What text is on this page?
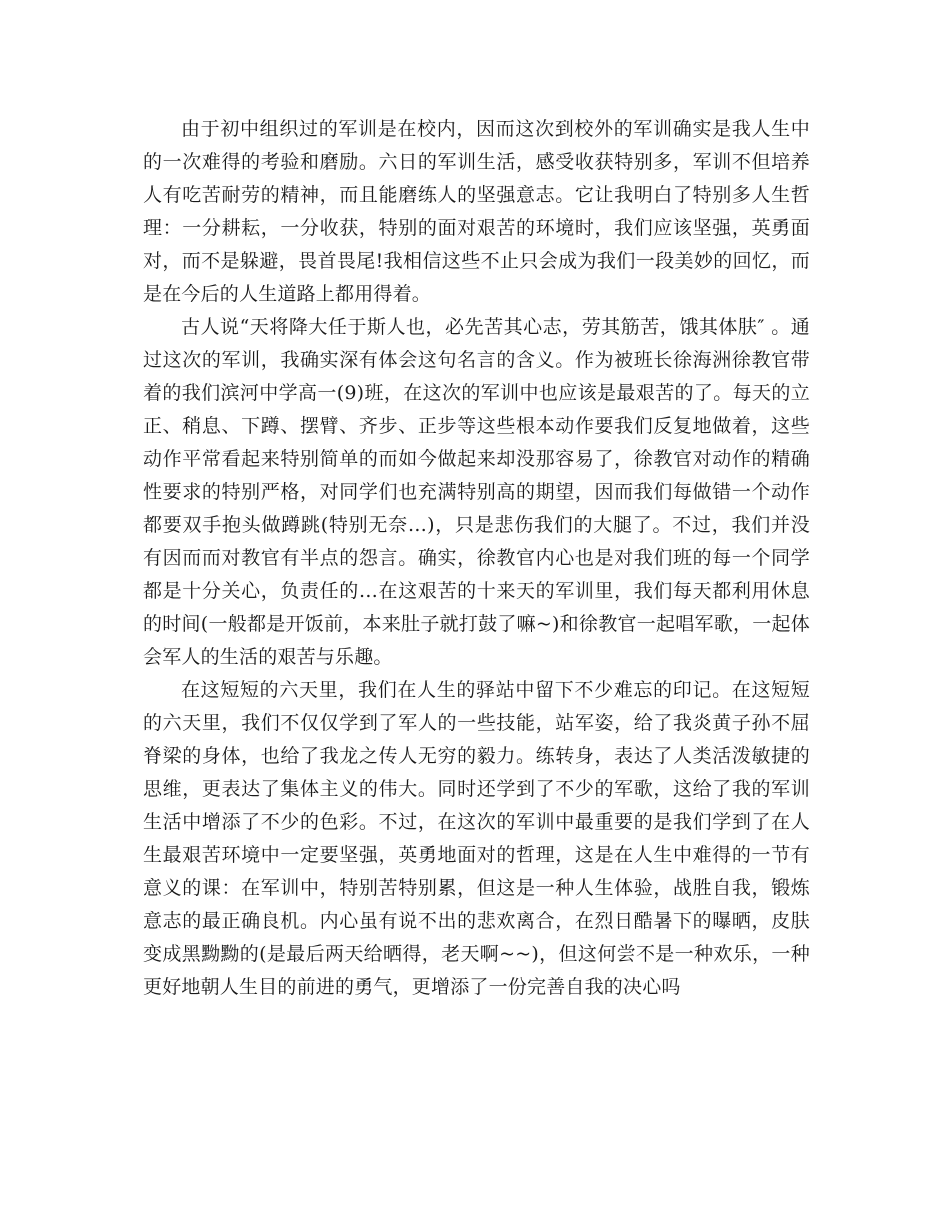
由于初中组织过的军训是在校内，因而这次到校外的军训确实是我人生中的一次难得的考验和磨励。六日的军训生活，感受收获特别多，军训不但培养人有吃苦耐劳的精神，而且能磨练人的坚强意志。它让我明白了特别多人生哲理：一分耕耘，一分收获，特别的面对艰苦的环境时，我们应该坚强，英勇面对，而不是躲避，畏首畏尾!我相信这些不止只会成为我们一段美妙的回忆，而是在今后的人生道路上都用得着。

古人说“天将降大任于斯人也，必先苦其心志，劳其筋苦，饿其体肤″ 。通过这次的军训，我确实深有体会这句名言的含义。作为被班长徐海洲徐教官带着的我们滨河中学高一(9)班，在这次的军训中也应该是最艰苦的了。每天的立正、稍息、下蹲、摆臂、齐步、正步等这些根本动作要我们反复地做着，这些动作平常看起来特别简单的而如今做起来却没那容易了，徐教官对动作的精确性要求的特别严格，对同学们也充满特别高的期望，因而我们每做错一个动作都要双手抱头做蹲跳(特别无奈…)，只是悲伤我们的大腿了。不过，我们并没有因而而对教官有半点的怨言。确实，徐教官内心也是对我们班的每一个同学都是十分关心，负责任的…在这艰苦的十来天的军训里，我们每天都利用休息的时间(一般都是开饭前，本来肚子就打鼓了嘛~)和徐教官一起唱军歌，一起体会军人的生活的艰苦与乐趣。

在这短短的六天里，我们在人生的驿站中留下不少难忘的印记。在这短短的六天里，我们不仅仅学到了军人的一些技能，站军姿，给了我炎黄子孙不屈脊梁的身体，也给了我龙之传人无穷的毅力。练转身，表达了人类活泼敏捷的思维，更表达了集体主义的伟大。同时还学到了不少的军歌，这给了我的军训生活中增添了不少的色彩。不过，在这次的军训中最重要的是我们学到了在人生最艰苦环境中一定要坚强，英勇地面对的哲理，这是在人生中难得的一节有意义的课：在军训中，特别苦特别累，但这是一种人生体验，战胜自我，锻炼意志的最正确良机。内心虽有说不出的悲欢离合，在烈日酷暑下的曝晒，皮肤变成黑黝黝的(是最后两天给晒得，老天啊~~)，但这何尝不是一种欢乐，一种更好地朝人生目的前进的勇气，更增添了一份完善自我的决心吗
